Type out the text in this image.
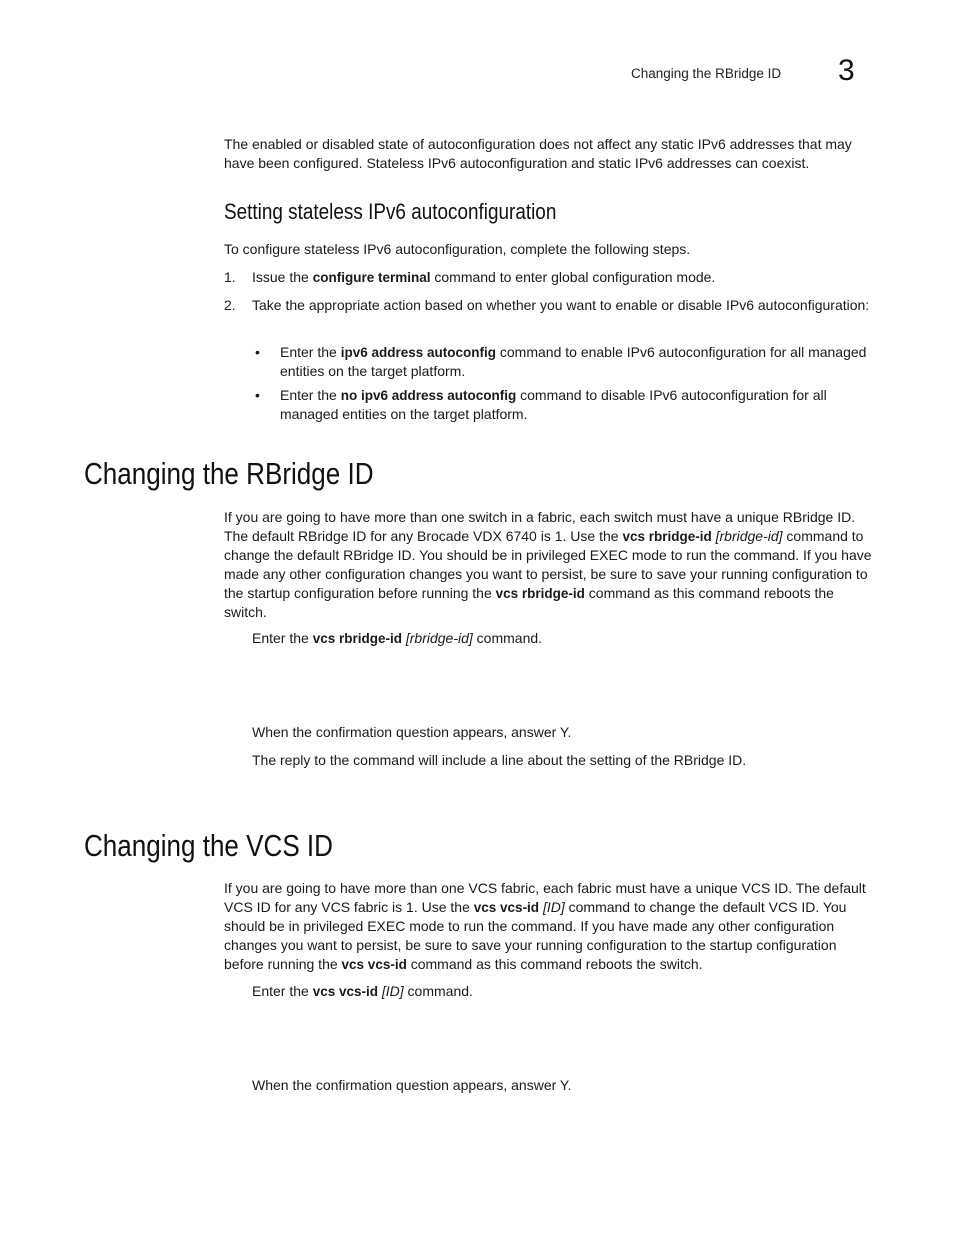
Changing the RBridge ID 3

The enabled or disabled state of autoconfiguration does not affect any static IPv6 addresses that may have been configured. Stateless IPv6 autoconfiguration and static IPv6 addresses can coexist.

Setting stateless IPv6 autoconfiguration

To configure stateless IPv6 autoconfiguration, complete the following steps.

1. Issue the configure terminal command to enter global configuration mode.

2. Take the appropriate action based on whether you want to enable or disable IPv6 autoconfiguration:

• Enter the ipv6 address autoconfig command to enable IPv6 autoconfiguration for all managed entities on the target platform.

• Enter the no ipv6 address autoconfig command to disable IPv6 autoconfiguration for all managed entities on the target platform.

Changing the RBridge ID

If you are going to have more than one switch in a fabric, each switch must have a unique RBridge ID. The default RBridge ID for any Brocade VDX 6740 is 1. Use the vcs rbridge-id [rbridge-id] command to change the default RBridge ID. You should be in privileged EXEC mode to run the command. If you have made any other configuration changes you want to persist, be sure to save your running configuration to the startup configuration before running the vcs rbridge-id command as this command reboots the switch.

Enter the vcs rbridge-id [rbridge-id] command.

When the confirmation question appears, answer Y.

The reply to the command will include a line about the setting of the RBridge ID.

Changing the VCS ID

If you are going to have more than one VCS fabric, each fabric must have a unique VCS ID. The default VCS ID for any VCS fabric is 1. Use the vcs vcs-id [ID] command to change the default VCS ID. You should be in privileged EXEC mode to run the command. If you have made any other configuration changes you want to persist, be sure to save your running configuration to the startup configuration before running the vcs vcs-id command as this command reboots the switch.

Enter the vcs vcs-id [ID] command.

When the confirmation question appears, answer Y.
